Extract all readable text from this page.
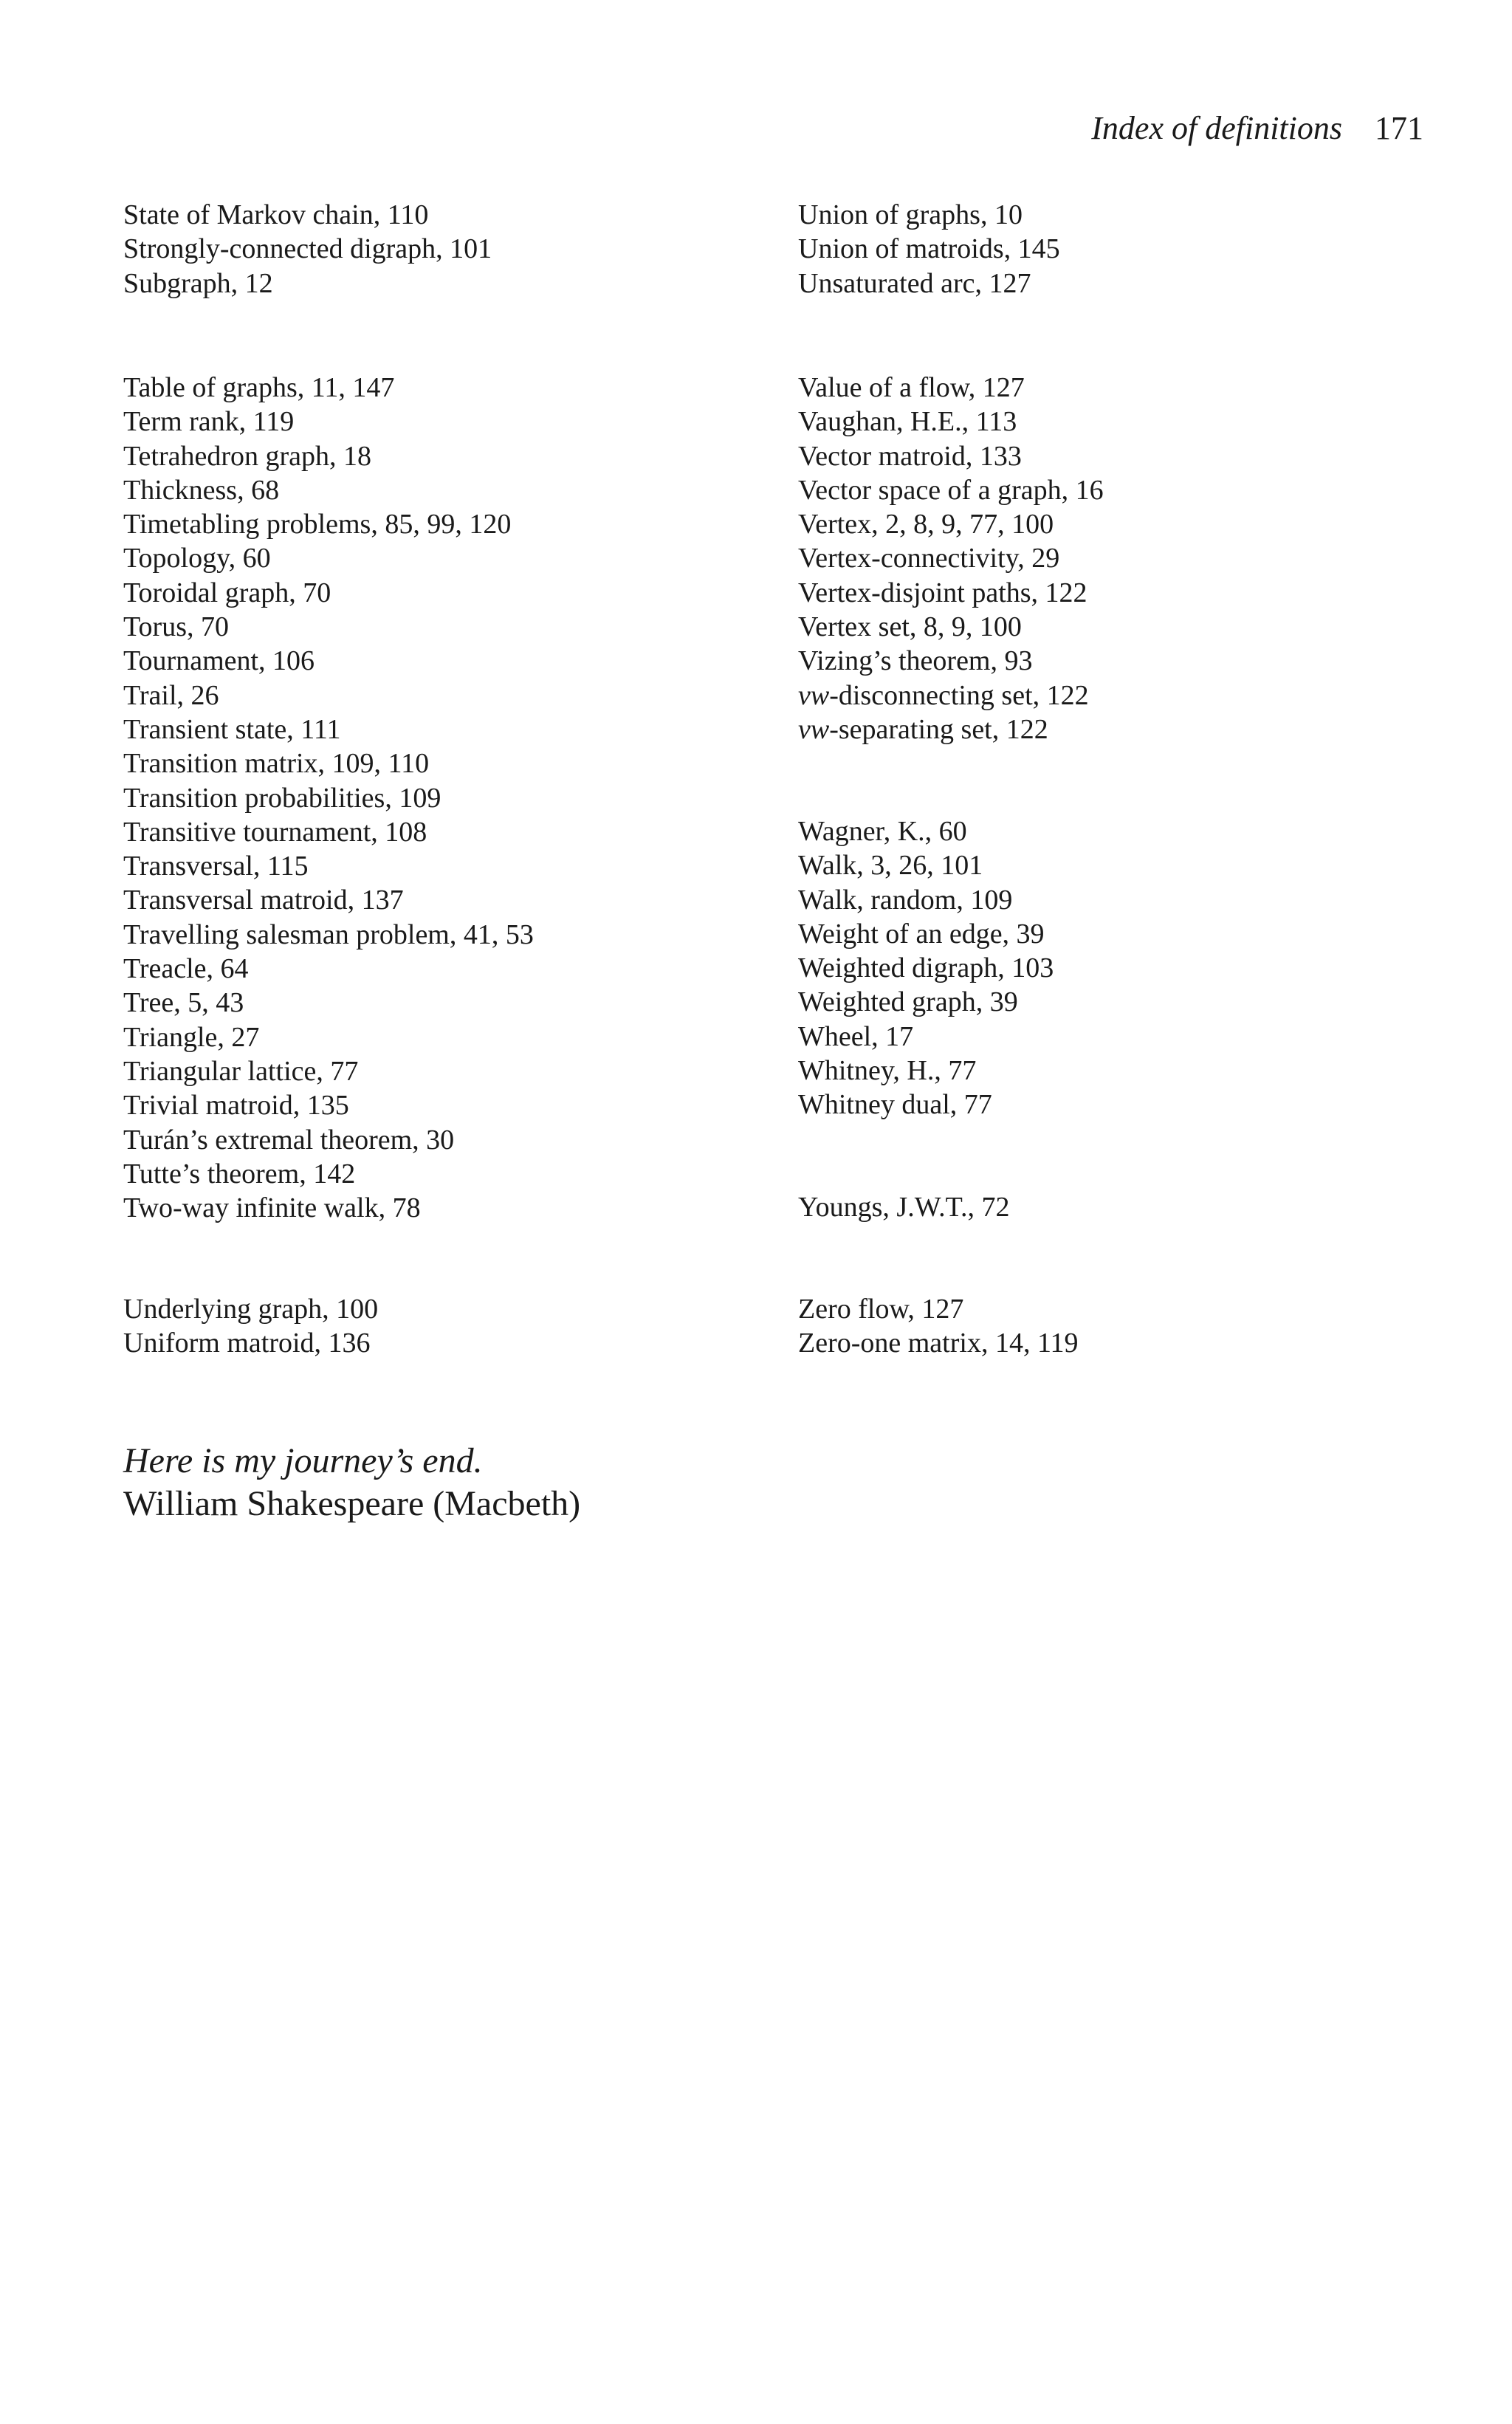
Index of definitions 171
State of Markov chain, 110
Strongly-connected digraph, 101
Subgraph, 12
Table of graphs, 11, 147
Term rank, 119
Tetrahedron graph, 18
Thickness, 68
Timetabling problems, 85, 99, 120
Topology, 60
Toroidal graph, 70
Torus, 70
Tournament, 106
Trail, 26
Transient state, 111
Transition matrix, 109, 110
Transition probabilities, 109
Transitive tournament, 108
Transversal, 115
Transversal matroid, 137
Travelling salesman problem, 41, 53
Treacle, 64
Tree, 5, 43
Triangle, 27
Triangular lattice, 77
Trivial matroid, 135
Turán’s extremal theorem, 30
Tutte’s theorem, 142
Two-way infinite walk, 78
Underlying graph, 100
Uniform matroid, 136
Union of graphs, 10
Union of matroids, 145
Unsaturated arc, 127
Value of a flow, 127
Vaughan, H.E., 113
Vector matroid, 133
Vector space of a graph, 16
Vertex, 2, 8, 9, 77, 100
Vertex-connectivity, 29
Vertex-disjoint paths, 122
Vertex set, 8, 9, 100
Vizing’s theorem, 93
vw-disconnecting set, 122
vw-separating set, 122
Wagner, K., 60
Walk, 3, 26, 101
Walk, random, 109
Weight of an edge, 39
Weighted digraph, 103
Weighted graph, 39
Wheel, 17
Whitney, H., 77
Whitney dual, 77
Youngs, J.W.T., 72
Zero flow, 127
Zero-one matrix, 14, 119
Here is my journey’s end.
William Shakespeare (Macbeth)
